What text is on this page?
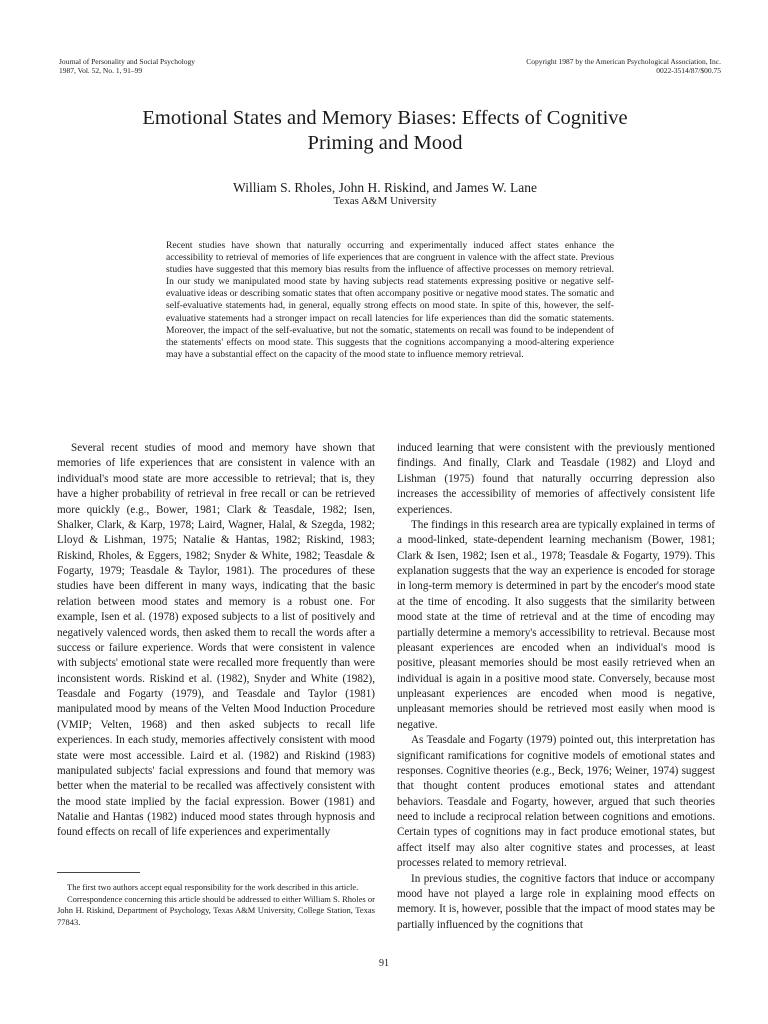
Journal of Personality and Social Psychology
1987, Vol. 52, No. 1, 91–99
Copyright 1987 by the American Psychological Association, Inc.
0022-3514/87/$00.75
Emotional States and Memory Biases: Effects of Cognitive
Priming and Mood
William S. Rholes, John H. Riskind, and James W. Lane
Texas A&M University

Recent studies have shown that naturally occurring and experimentally induced affect states enhance the accessibility to retrieval of memories of life experiences that are congruent in valence with the affect state. Previous studies have suggested that this memory bias results from the influence of affective processes on memory retrieval. In our study we manipulated mood state by having subjects read statements expressing positive or negative self-evaluative ideas or describing somatic states that often accompany positive or negative mood states. The somatic and self-evaluative statements had, in general, equally strong effects on mood state. In spite of this, however, the self-evaluative statements had a stronger impact on recall latencies for life experiences than did the somatic statements. Moreover, the impact of the self-evaluative, but not the somatic, statements on recall was found to be independent of the statements' effects on mood state. This suggests that the cognitions accompanying a mood-altering experience may have a substantial effect on the capacity of the mood state to influence memory retrieval.

Several recent studies of mood and memory have shown that memories of life experiences that are consistent in valence with an individual's mood state are more accessible to retrieval; that is, they have a higher probability of retrieval in free recall or can be retrieved more quickly (e.g., Bower, 1981; Clark & Teasdale, 1982; Isen, Shalker, Clark, & Karp, 1978; Laird, Wagner, Halal, & Szegda, 1982; Lloyd & Lishman, 1975; Natalie & Hantas, 1982; Riskind, 1983; Riskind, Rholes, & Eggers, 1982; Snyder & White, 1982; Teasdale & Fogarty, 1979; Teasdale & Taylor, 1981). The procedures of these studies have been different in many ways, indicating that the basic relation between mood states and memory is a robust one. For example, Isen et al. (1978) exposed subjects to a list of positively and negatively valenced words, then asked them to recall the words after a success or failure experience. Words that were consistent in valence with subjects' emotional state were recalled more frequently than were inconsistent words. Riskind et al. (1982), Snyder and White (1982), Teasdale and Fogarty (1979), and Teasdale and Taylor (1981) manipulated mood by means of the Velten Mood Induction Procedure (VMIP; Velten, 1968) and then asked subjects to recall life experiences. In each study, memories affectively consistent with mood state were most accessible. Laird et al. (1982) and Riskind (1983) manipulated subjects' facial expressions and found that memory was better when the material to be recalled was affectively consistent with the mood state implied by the facial expression. Bower (1981) and Natalie and Hantas (1982) induced mood states through hypnosis and found effects on recall of life experiences and experimentally

induced learning that were consistent with the previously mentioned findings. And finally, Clark and Teasdale (1982) and Lloyd and Lishman (1975) found that naturally occurring depression also increases the accessibility of memories of affectively consistent life experiences.

The findings in this research area are typically explained in terms of a mood-linked, state-dependent learning mechanism (Bower, 1981; Clark & Isen, 1982; Isen et al., 1978; Teasdale & Fogarty, 1979). This explanation suggests that the way an experience is encoded for storage in long-term memory is determined in part by the encoder's mood state at the time of encoding. It also suggests that the similarity between mood state at the time of retrieval and at the time of encoding may partially determine a memory's accessibility to retrieval. Because most pleasant experiences are encoded when an individual's mood is positive, pleasant memories should be most easily retrieved when an individual is again in a positive mood state. Conversely, because most unpleasant experiences are encoded when mood is negative, unpleasant memories should be retrieved most easily when mood is negative.

As Teasdale and Fogarty (1979) pointed out, this interpretation has significant ramifications for cognitive models of emotional states and responses. Cognitive theories (e.g., Beck, 1976; Weiner, 1974) suggest that thought content produces emotional states and attendant behaviors. Teasdale and Fogarty, however, argued that such theories need to include a reciprocal relation between cognitions and emotions. Certain types of cognitions may in fact produce emotional states, but affect itself may also alter cognitive states and processes, at least processes related to memory retrieval.

In previous studies, the cognitive factors that induce or accompany mood have not played a large role in explaining mood effects on memory. It is, however, possible that the impact of mood states may be partially influenced by the cognitions that

The first two authors accept equal responsibility for the work described in this article.

Correspondence concerning this article should be addressed to either William S. Rholes or John H. Riskind, Department of Psychology, Texas A&M University, College Station, Texas 77843.

91
